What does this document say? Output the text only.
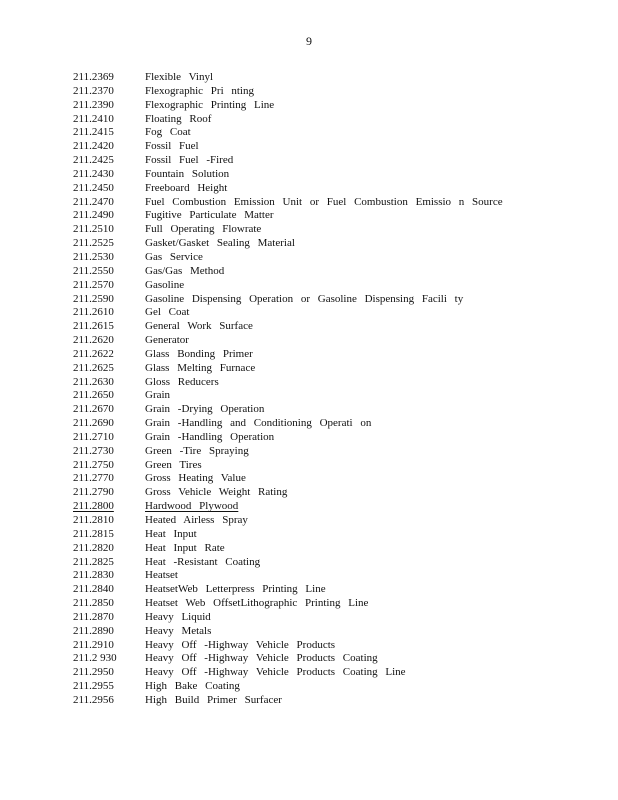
9
211.2369	Flexible Vinyl
211.2370	Flexographic Pri nting
211.2390	Flexographic Printing Line
211.2410	Floating Roof
211.2415	Fog Coat
211.2420	Fossil Fuel
211.2425	Fossil Fuel -Fired
211.2430	Fountain Solution
211.2450	Freeboard Height
211.2470	Fuel Combustion Emission Unit or Fuel Combustion Emissio n Source
211.2490	Fugitive Particulate Matter
211.2510	Full Operating Flowrate
211.2525	Gasket/Gasket Sealing Material
211.2530	Gas Service
211.2550	Gas/Gas Method
211.2570	Gasoline
211.2590	Gasoline Dispensing Operation or Gasoline Dispensing Facili ty
211.2610	Gel Coat
211.2615	General Work Surface
211.2620	Generator
211.2622	Glass Bonding Primer
211.2625	Glass Melting Furnace
211.2630	Gloss Reducers
211.2650	Grain
211.2670	Grain -Drying Operation
211.2690	Grain -Handling and Conditioning Operati on
211.2710	Grain -Handling Operation
211.2730	Green -Tire Spraying
211.2750	Green Tires
211.2770	Gross Heating Value
211.2790	Gross Vehicle Weight Rating
211.2800	Hardwood Plywood
211.2810	Heated Airless Spray
211.2815	Heat Input
211.2820	Heat Input Rate
211.2825	Heat -Resistant Coating
211.2830	Heatset
211.2840	HeatsetWeb Letterpress Printing Line
211.2850	Heatset Web OffsetLithographic Printing Line
211.2870	Heavy Liquid
211.2890	Heavy Metals
211.2910	Heavy Off -Highway Vehicle Products
211.2 930	Heavy Off -Highway Vehicle Products Coating
211.2950	Heavy Off -Highway Vehicle Products Coating Line
211.2955	High Bake Coating
211.2956	High Build Primer Surfacer
